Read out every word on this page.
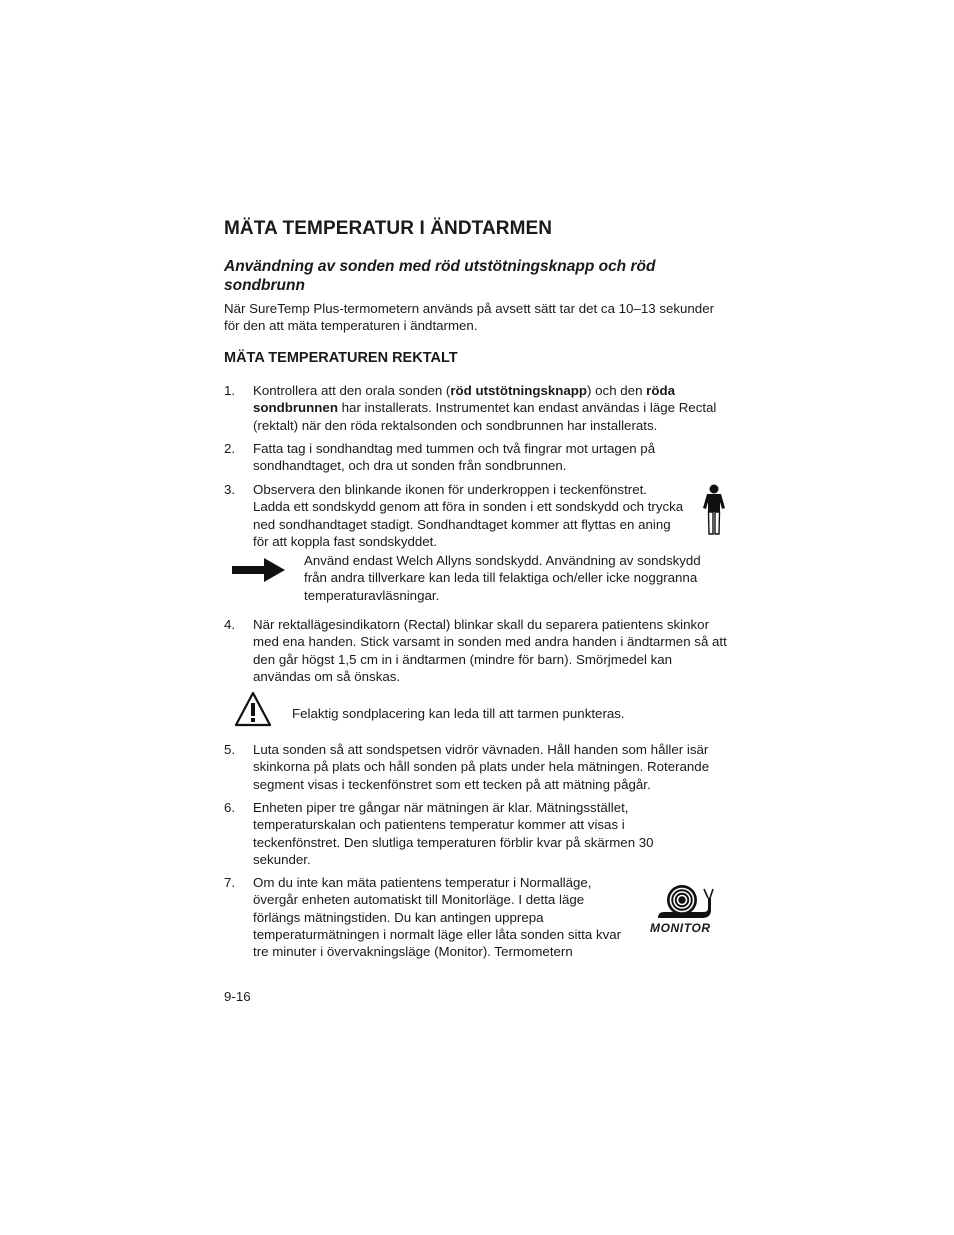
MÄTA TEMPERATUR I ÄNDTARMEN
Användning av sonden med röd utstötningsknapp och röd sondbrunn
När SureTemp Plus-termometern används på avsett sätt tar det ca 10–13 sekunder för den att mäta temperaturen i ändtarmen.
MÄTA TEMPERATUREN REKTALT
1. Kontrollera att den orala sonden (röd utstötningsknapp) och den röda sondbrunnen har installerats. Instrumentet kan endast användas i läge Rectal (rektalt) när den röda rektalsonden och sondbrunnen har installerats.
2. Fatta tag i sondhandtag med tummen och två fingrar mot urtagen på sondhandtaget, och dra ut sonden från sondbrunnen.
3. Observera den blinkande ikonen för underkroppen i teckenfönstret. Ladda ett sondskydd genom att föra in sonden i ett sondskydd och trycka ned sondhandtaget stadigt. Sondhandtaget kommer att flyttas en aning för att koppla fast sondskyddet.
Använd endast Welch Allyns sondskydd. Användning av sondskydd från andra tillverkare kan leda till felaktiga och/eller icke noggranna temperaturavläsningar.
4. När rektallägesindikatorn (Rectal) blinkar skall du separera patientens skinkor med ena handen. Stick varsamt in sonden med andra handen i ändtarmen så att den går högst 1,5 cm in i ändtarmen (mindre för barn). Smörjmedel kan användas om så önskas.
Felaktig sondplacering kan leda till att tarmen punkteras.
5. Luta sonden så att sondspetsen vidrör vävnaden. Håll handen som håller isär skinkorna på plats och håll sonden på plats under hela mätningen. Roterande segment visas i teckenfönstret som ett tecken på att mätning pågår.
6. Enheten piper tre gångar när mätningen är klar. Mätningsstället, temperaturskalan och patientens temperatur kommer att visas i teckenfönstret. Den slutliga temperaturen förblir kvar på skärmen 30 sekunder.
7. Om du inte kan mäta patientens temperatur i Normalläge, övergår enheten automatiskt till Monitorläge. I detta läge förlängs mätningstiden. Du kan antingen upprepa temperaturmätningen i normalt läge eller låta sonden sitta kvar tre minuter i övervakningsläge (Monitor). Termometern
MONITOR
9-16
